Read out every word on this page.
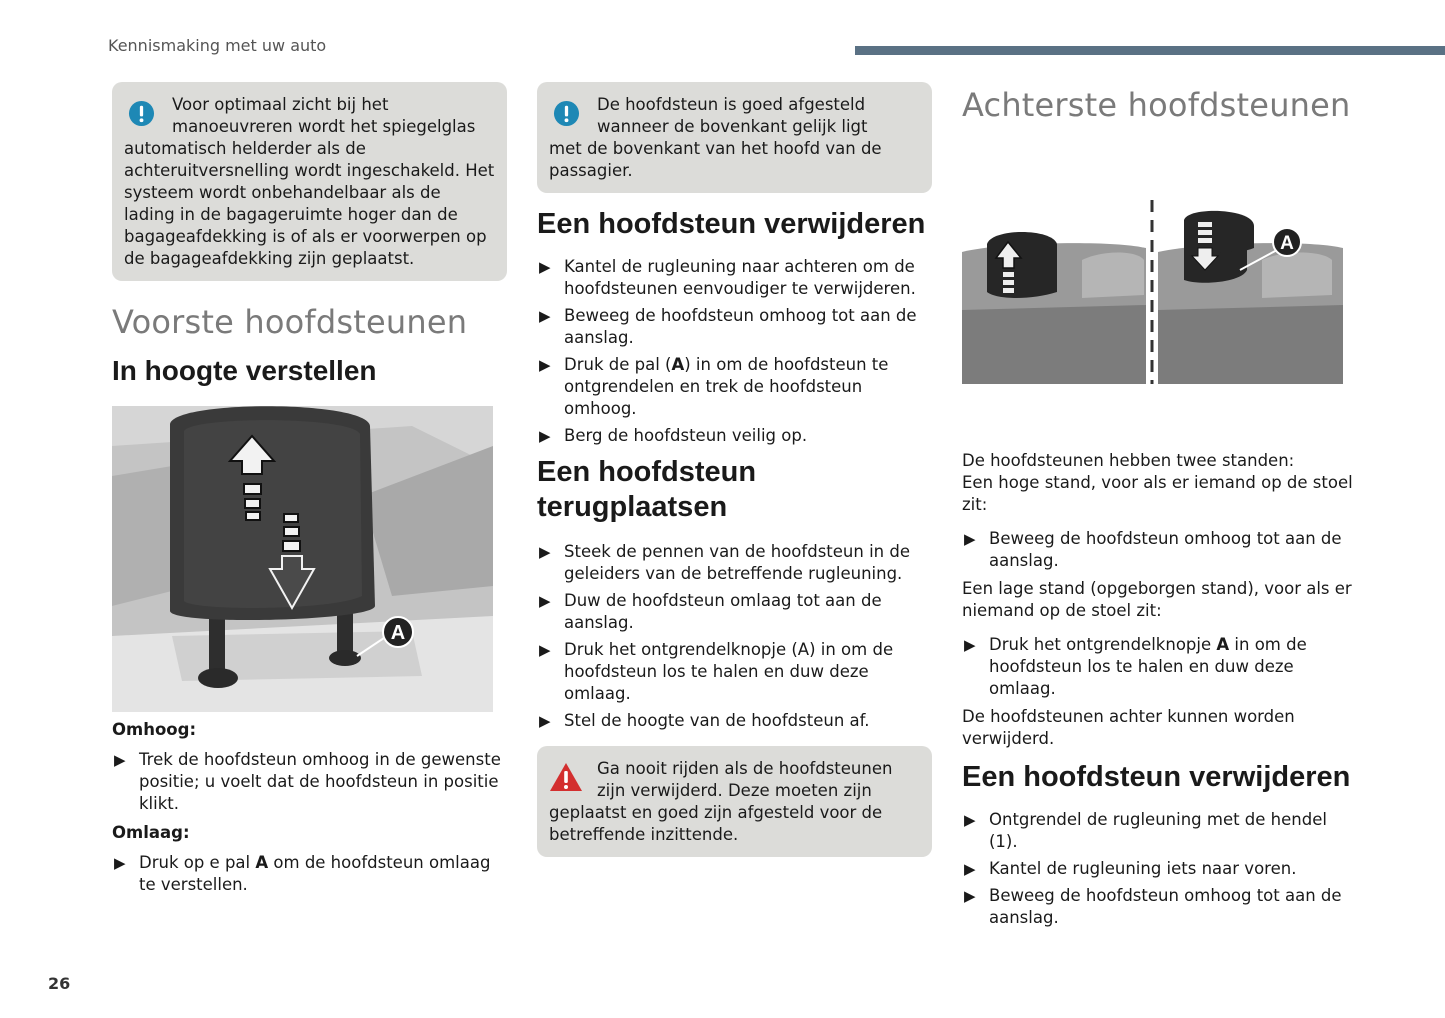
Kennismaking met uw auto

Voor optimaal zicht bij het manoeuvreren wordt het spiegelglas
automatisch helderder als de achteruitversnelling wordt ingeschakeld. Het systeem wordt onbehandelbaar als de lading in de bagageruimte hoger dan de bagageafdekking is of als er voorwerpen op de bagageafdekking zijn geplaatst.

Voorste hoofdsteunen
In hoogte verstellen
A

Omhoog:

▶ Trek de hoofdsteun omhoog in de gewenste positie; u voelt dat de hoofdsteun in positie klikt.

Omlaag:

▶ Druk op e pal A om de hoofdsteun omlaag te verstellen.

De hoofdsteun is goed afgesteld wanneer de bovenkant gelijk ligt
met de bovenkant van het hoofd van de passagier.

Een hoofdsteun verwijderen
▶ Kantel de rugleuning naar achteren om de hoofdsteunen eenvoudiger te verwijderen.
▶ Beweeg de hoofdsteun omhoog tot aan de aanslag.
▶ Druk de pal (A) in om de hoofdsteun te ontgrendelen en trek de hoofdsteun omhoog.
▶ Berg de hoofdsteun veilig op.
Een hoofdsteun terugplaatsen
▶ Steek de pennen van de hoofdsteun in de geleiders van de betreffende rugleuning.
▶ Duw de hoofdsteun omlaag tot aan de aanslag.
▶ Druk het ontgrendelknopje (A) in om de hoofdsteun los te halen en duw deze omlaag.
▶ Stel de hoogte van de hoofdsteun af.

Ga nooit rijden als de hoofdsteunen zijn verwijderd. Deze moeten zijn
geplaatst en goed zijn afgesteld voor de betreffende inzittende.

Achterste hoofdsteunen
A

De hoofdsteunen hebben twee standen:

Een hoge stand, voor als er iemand op de stoel zit:

▶ Beweeg de hoofdsteun omhoog tot aan de aanslag.

Een lage stand (opgeborgen stand), voor als er niemand op de stoel zit:

▶ Druk het ontgrendelknopje A in om de hoofdsteun los te halen en duw deze omlaag.

De hoofdsteunen achter kunnen worden verwijderd.

Een hoofdsteun verwijderen
▶ Ontgrendel de rugleuning met de hendel (1).
▶ Kantel de rugleuning iets naar voren.
▶ Beweeg de hoofdsteun omhoog tot aan de aanslag.
26
